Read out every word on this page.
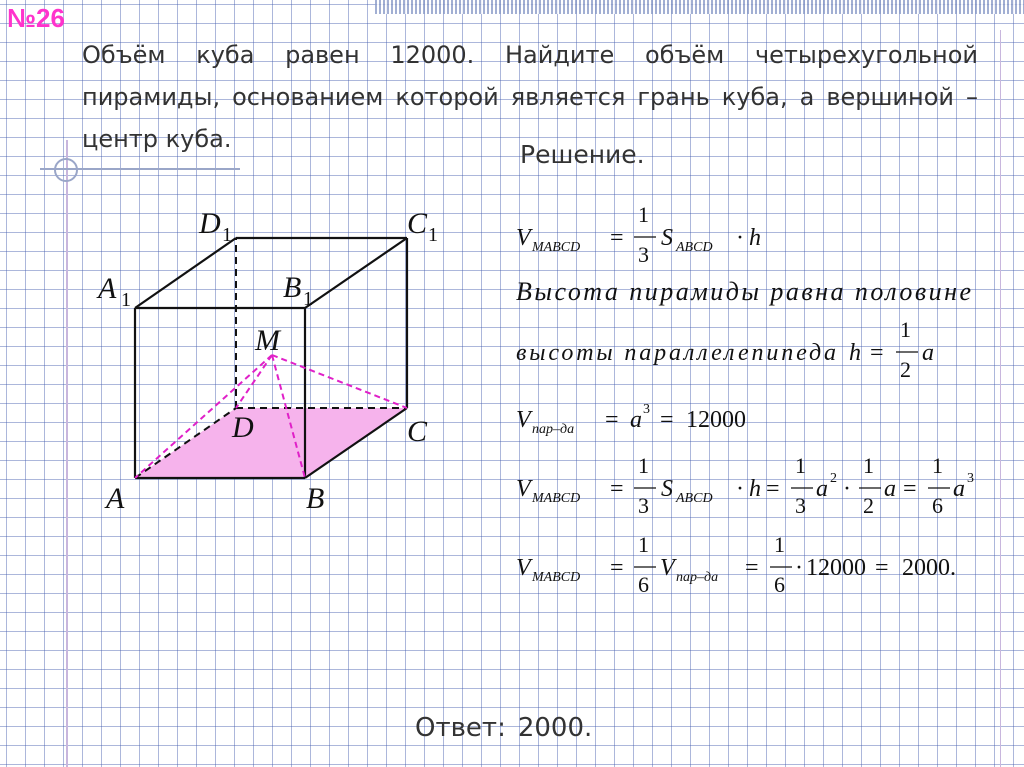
№26

Объём куба равен 12000. Найдите объём четырехугольной пирамиды, основанием которой является грань куба, а вершиной – центр куба.

Решение.

A	B
C
D
M
A 1	B 1
D 1	C 1	V MABCD =
1
3
S ABCD · h
Высота пирамиды равна половине
высоты параллелепипеда h =
1
2
a
V пар–да = a 3 = 12000
V MABCD =
1
3
S ABCD · h =
1
3
a 2 ·
1
2
a =
1
6
a 3
V MABCD =
1
6
V пар–да =
1
6
· 12000 = 2000.

Ответ: 2000.
